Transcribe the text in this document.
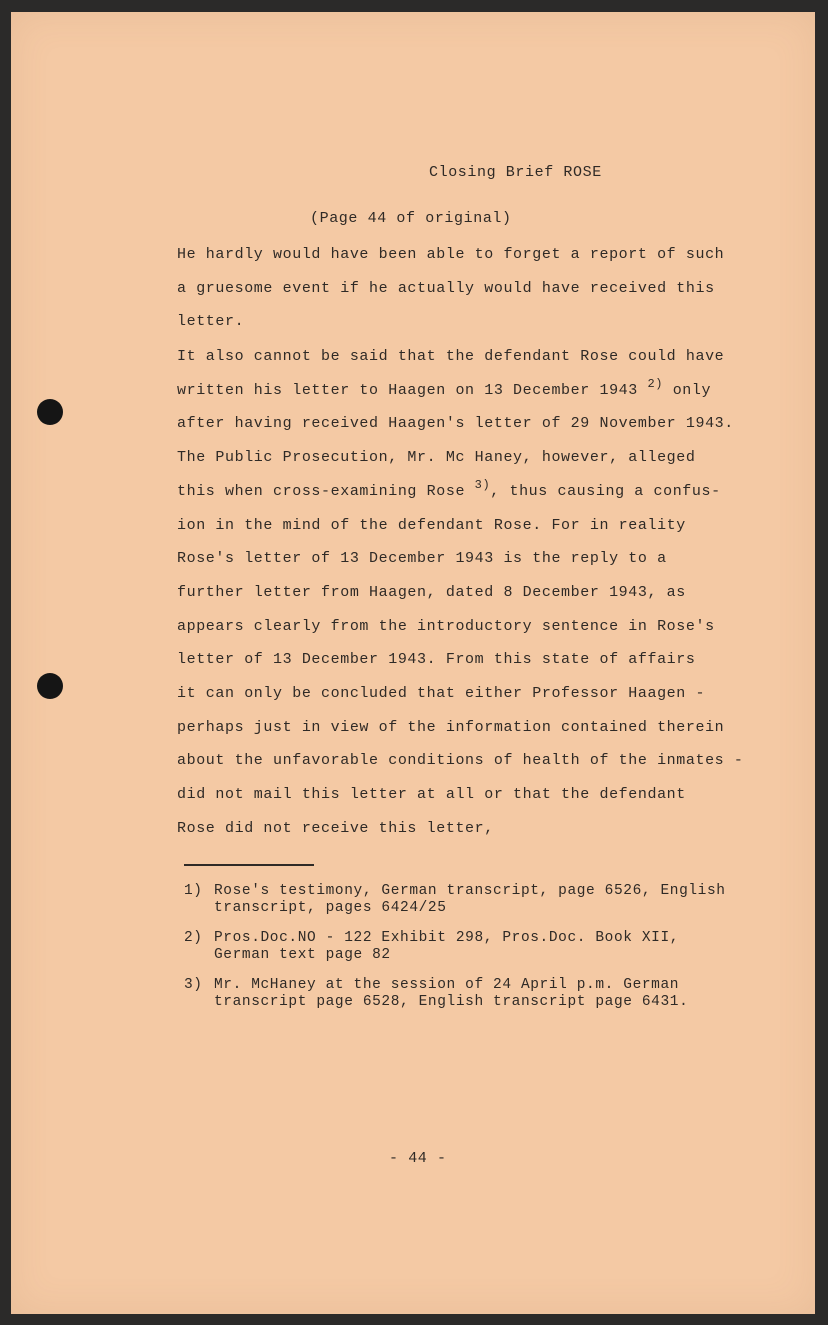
Closing Brief ROSE
(Page 44 of original)
He hardly would have been able to forget a report of such
a gruesome event if he actually would have received this
letter.
It also cannot be said that the defendant Rose could have
written his letter to Haagen on 13 December 1943 $^{2)}$ only
after having received Haagen's letter of 29 November 1943.
The Public Prosecution, Mr. Mc Haney, however, alleged
this when cross-examining Rose $^{3)}$, thus causing a confus-
ion in the mind of the defendant Rose. For in reality
Rose's letter of 13 December 1943 is the reply to a
further letter from Haagen, dated 8 December 1943, as
appears clearly from the introductory sentence in Rose's
letter of 13 December 1943. From this state of affairs
it can only be concluded that either Professor Haagen -
perhaps just in view of the information contained therein
about the unfavorable conditions of health of the inmates -
did not mail this letter at all or that the defendant
Rose did not receive this letter,
1) Rose's testimony, German transcript, page 6526, English
transcript, pages 6424/25
2) Pros.Doc.NO - 122 Exhibit 298, Pros.Doc. Book XII,
German text page 82
3) Mr. McHaney at the session of 24 April p.m. German
transcript page 6528, English transcript page 6431.
- 44 -
